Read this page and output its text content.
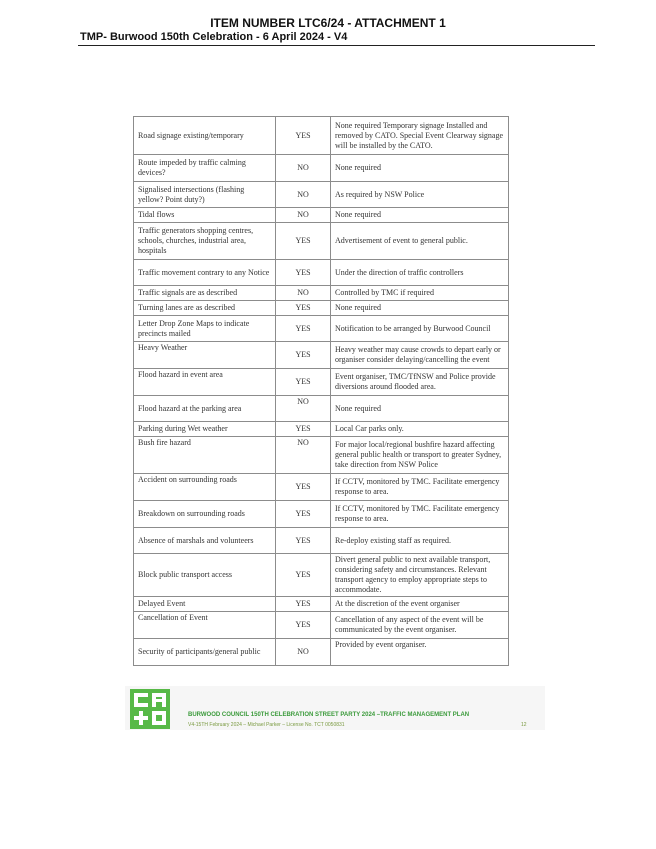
ITEM NUMBER LTC6/24 - ATTACHMENT 1
TMP- Burwood 150th Celebration - 6 April 2024 - V4
Road signage existing/temporary	YES	None required Temporary signage Installed and removed by CATO. Special Event Clearway signage will be installed by the CATO.
Route impeded by traffic calming devices?	NO	None required
Signalised intersections (flashing yellow? Point duty?)	NO	As required by NSW Police
Tidal flows	NO	None required
Traffic generators shopping centres, schools, churches, industrial area, hospitals	YES	Advertisement of event to general public.
Traffic movement contrary to any Notice	YES	Under the direction of traffic controllers
Traffic signals are as described	NO	Controlled by TMC if required
Turning lanes are as described	YES	None required
Letter Drop Zone Maps to indicate precincts mailed	YES	Notification to be arranged by Burwood Council
Heavy Weather	YES	Heavy weather may cause crowds to depart early or organiser consider delaying/cancelling the event
Flood hazard in event area	YES	Event organiser, TMC/TfNSW and Police provide diversions around flooded area.
Flood hazard at the parking area	NO	None required
Parking during Wet weather	YES	Local Car parks only.
Bush fire hazard	NO	For major local/regional bushfire hazard affecting general public health or transport to greater Sydney, take direction from NSW Police
Accident on surrounding roads	YES	If CCTV, monitored by TMC. Facilitate emergency response to area.
Breakdown on surrounding roads	YES	If CCTV, monitored by TMC. Facilitate emergency response to area.
Absence of marshals and volunteers	YES	Re-deploy existing staff as required.
Block public transport access	YES	Divert general public to next available transport, considering safety and circumstances. Relevant transport agency to employ appropriate steps to accommodate.
Delayed Event	YES	At the discretion of the event organiser
Cancellation of Event	YES	Cancellation of any aspect of the event will be communicated by the event organiser.
Security of participants/general public	NO	Provided by event organiser.
BURWOOD COUNCIL 150TH CELEBRATION STREET PARTY 2024 –TRAFFIC MANAGEMENT PLAN
V4-15TH February 2024 – Michael Parker – License No. TCT 0050831	12
